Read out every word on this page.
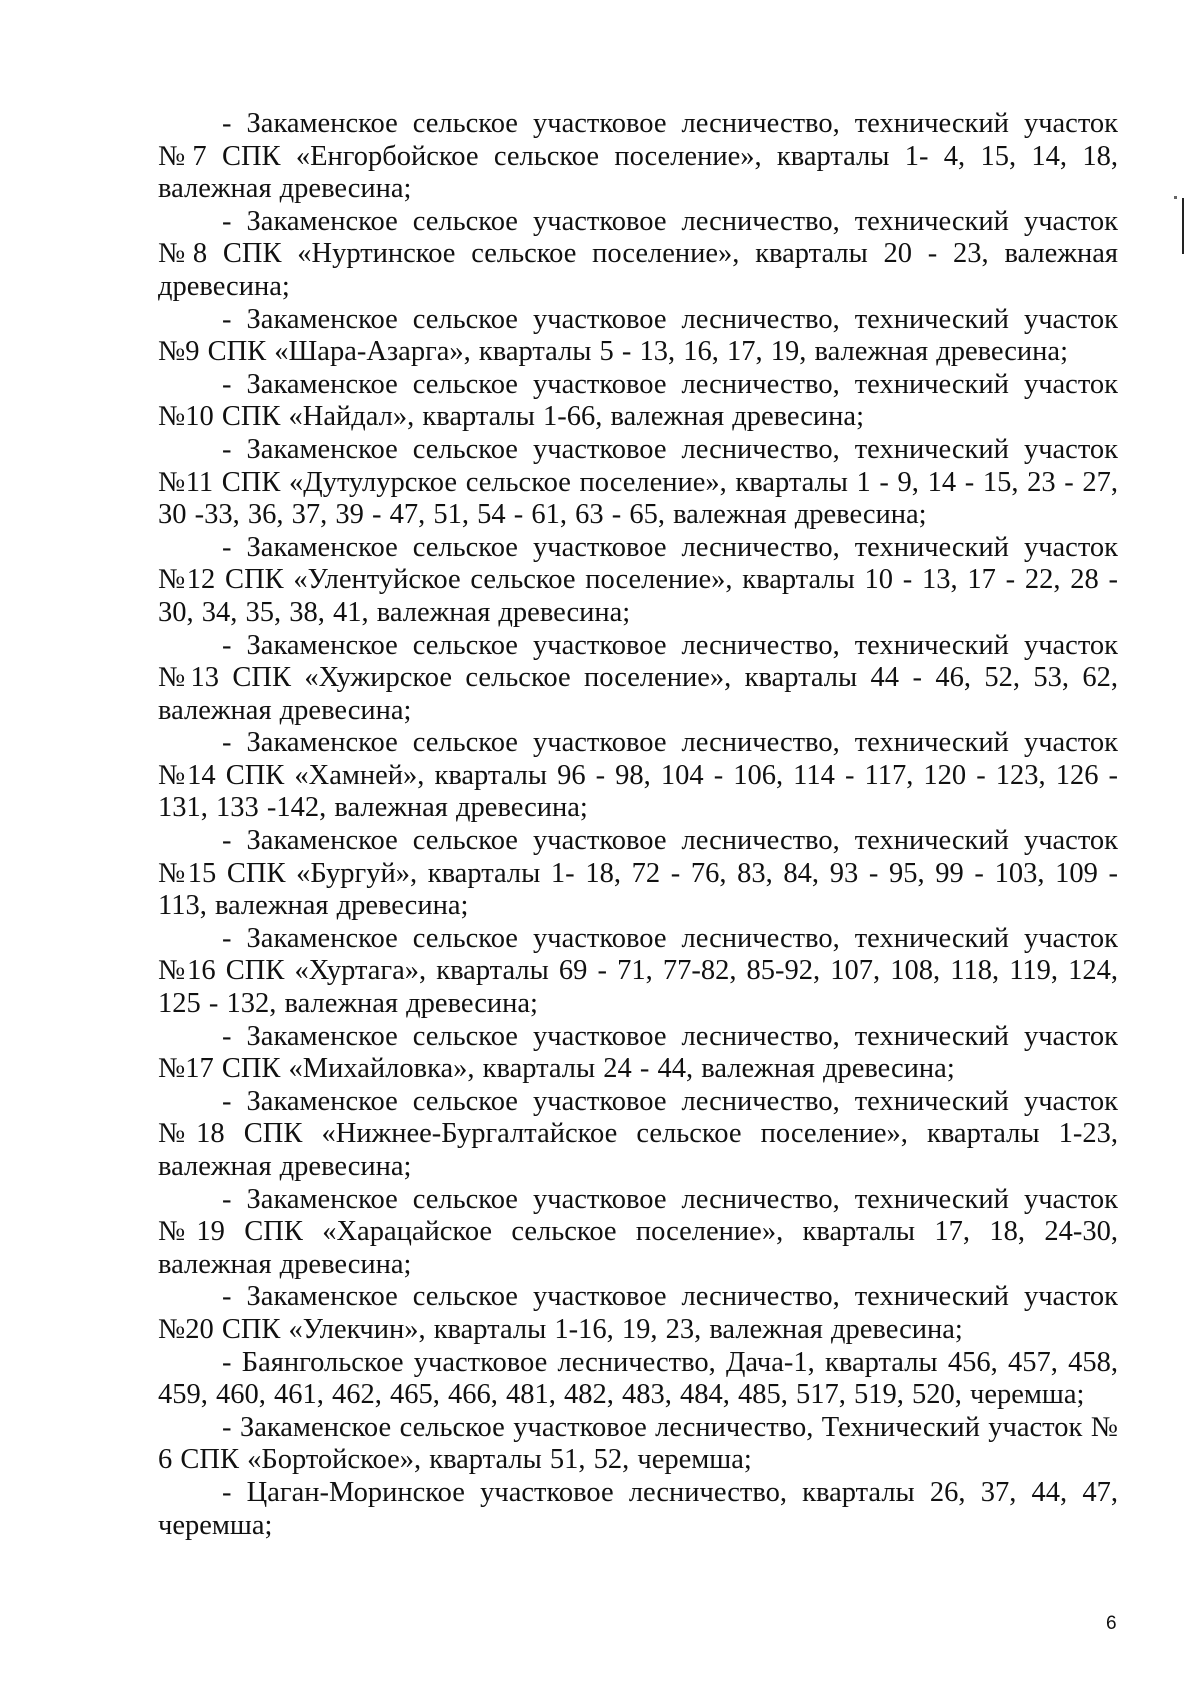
- Закаменское сельское участковое лесничество, технический участок №7 СПК «Енгорбойское сельское поселение», кварталы 1- 4, 15, 14, 18, валежная древесина;

- Закаменское сельское участковое лесничество, технический участок №8 СПК «Нуртинское сельское поселение», кварталы 20 - 23, валежная древесина;

- Закаменское сельское участковое лесничество, технический участок №9 СПК «Шара-Азарга», кварталы 5 - 13, 16, 17, 19, валежная древесина;

- Закаменское сельское участковое лесничество, технический участок №10 СПК «Найдал», кварталы 1-66, валежная древесина;

- Закаменское сельское участковое лесничество, технический участок №11 СПК «Дутулурское сельское поселение», кварталы 1 - 9, 14 - 15, 23 - 27, 30 -33, 36, 37, 39 - 47, 51, 54 - 61, 63 - 65, валежная древесина;

- Закаменское сельское участковое лесничество, технический участок №12 СПК «Улентуйское сельское поселение», кварталы 10 - 13, 17 - 22, 28 - 30, 34, 35, 38, 41, валежная древесина;

- Закаменское сельское участковое лесничество, технический участок №13 СПК «Хужирское сельское поселение», кварталы 44 - 46, 52, 53, 62, валежная древесина;

- Закаменское сельское участковое лесничество, технический участок №14 СПК «Хамней», кварталы 96 - 98, 104 - 106, 114 - 117, 120 - 123, 126 - 131, 133 -142, валежная древесина;

- Закаменское сельское участковое лесничество, технический участок №15 СПК «Бургуй», кварталы 1- 18, 72 - 76, 83, 84, 93 - 95, 99 - 103, 109 - 113, валежная древесина;

- Закаменское сельское участковое лесничество, технический участок №16 СПК «Хуртага», кварталы 69 - 71, 77-82, 85-92, 107, 108, 118, 119, 124, 125 - 132, валежная древесина;

- Закаменское сельское участковое лесничество, технический участок №17 СПК «Михайловка», кварталы 24 - 44, валежная древесина;

- Закаменское сельское участковое лесничество, технический участок №18 СПК «Нижнее-Бургалтайское сельское поселение», кварталы 1-23, валежная древесина;

- Закаменское сельское участковое лесничество, технический участок №19 СПК «Харацайское сельское поселение», кварталы 17, 18, 24-30, валежная древесина;

- Закаменское сельское участковое лесничество, технический участок №20 СПК «Улекчин», кварталы 1-16, 19, 23, валежная древесина;

- Баянгольское участковое лесничество, Дача-1, кварталы 456, 457, 458, 459, 460, 461, 462, 465, 466, 481, 482, 483, 484, 485, 517, 519, 520, черемша;

- Закаменское сельское участковое лесничество, Технический участок № 6 СПК «Бортойское», кварталы 51, 52, черемша;

- Цаган-Моринское участковое лесничество, кварталы 26, 37, 44, 47, черемша;

6
